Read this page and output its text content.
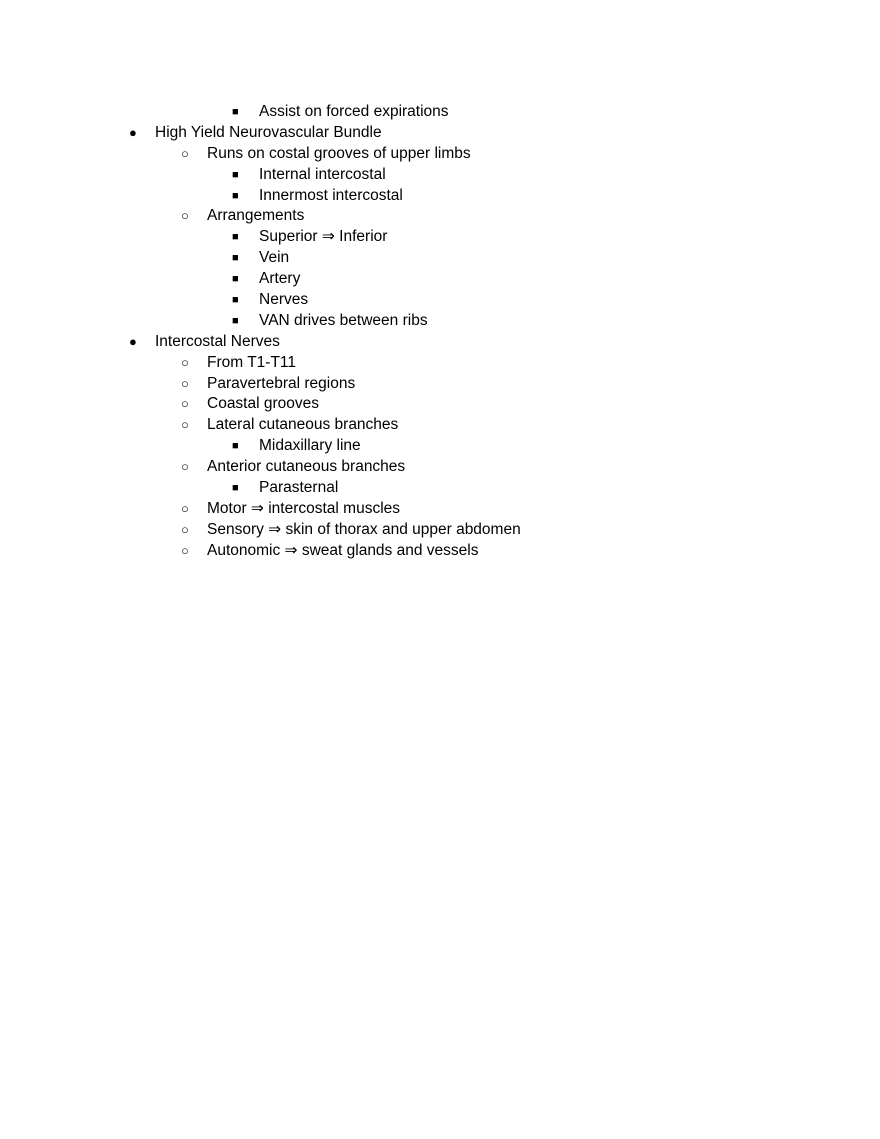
■ Assist on forced expirations
● High Yield Neurovascular Bundle
○ Runs on costal grooves of upper limbs
■ Internal intercostal
■ Innermost intercostal
○ Arrangements
■ Superior ⇒ Inferior
■ Vein
■ Artery
■ Nerves
■ VAN drives between ribs
● Intercostal Nerves
○ From T1-T11
○ Paravertebral regions
○ Coastal grooves
○ Lateral cutaneous branches
■ Midaxillary line
○ Anterior cutaneous branches
■ Parasternal
○ Motor ⇒ intercostal muscles
○ Sensory ⇒ skin of thorax and upper abdomen
○ Autonomic ⇒ sweat glands and vessels
